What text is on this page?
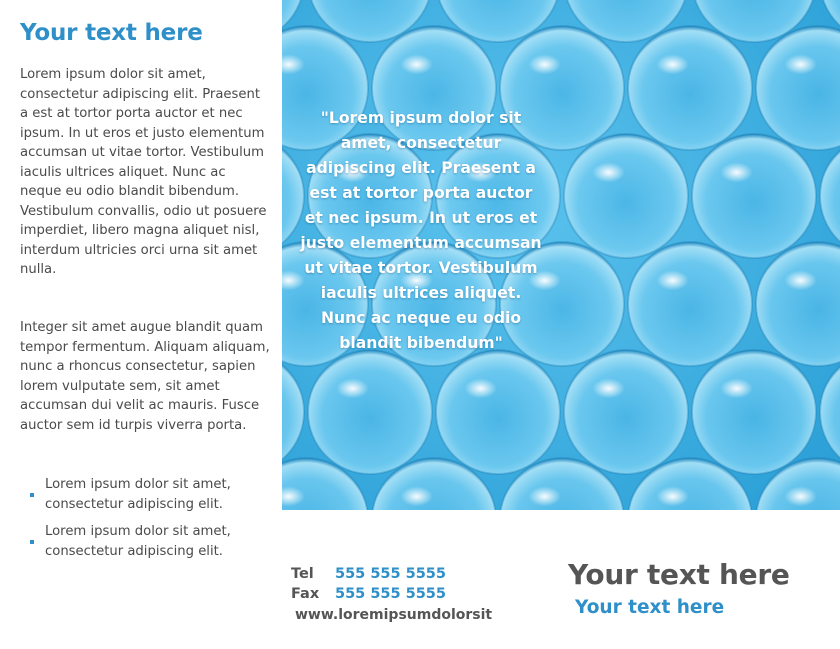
Your text here

Lorem ipsum dolor sit amet, consectetur adipiscing elit. Praesent a est at tortor porta auctor et nec ipsum. In ut eros et justo elementum accumsan ut vitae tortor. Vestibulum iaculis ultrices aliquet. Nunc ac neque eu odio blandit bibendum. Vestibulum convallis, odio ut posuere imperdiet, libero magna aliquet nisl, interdum ultricies orci urna sit amet nulla.

Integer sit amet augue blandit quam tempor fermentum. Aliquam aliquam, nunc a rhoncus consectetur, sapien lorem vulputate sem, sit amet accumsan dui velit ac mauris. Fusce auctor sem id turpis viverra porta.

Lorem ipsum dolor sit amet, consectetur adipiscing elit.
Lorem ipsum dolor sit amet, consectetur adipiscing elit.

"Lorem ipsum dolor sit amet, consectetur adipiscing elit. Praesent a est at tortor porta auctor et nec ipsum. In ut eros et justo elementum accumsan ut vitae tortor. Vestibulum iaculis ultrices aliquet. Nunc ac neque eu odio blandit bibendum"

Tel 555 555 5555
Fax 555 555 5555
www.loremipsumdolorsit
Your text here
Your text here
